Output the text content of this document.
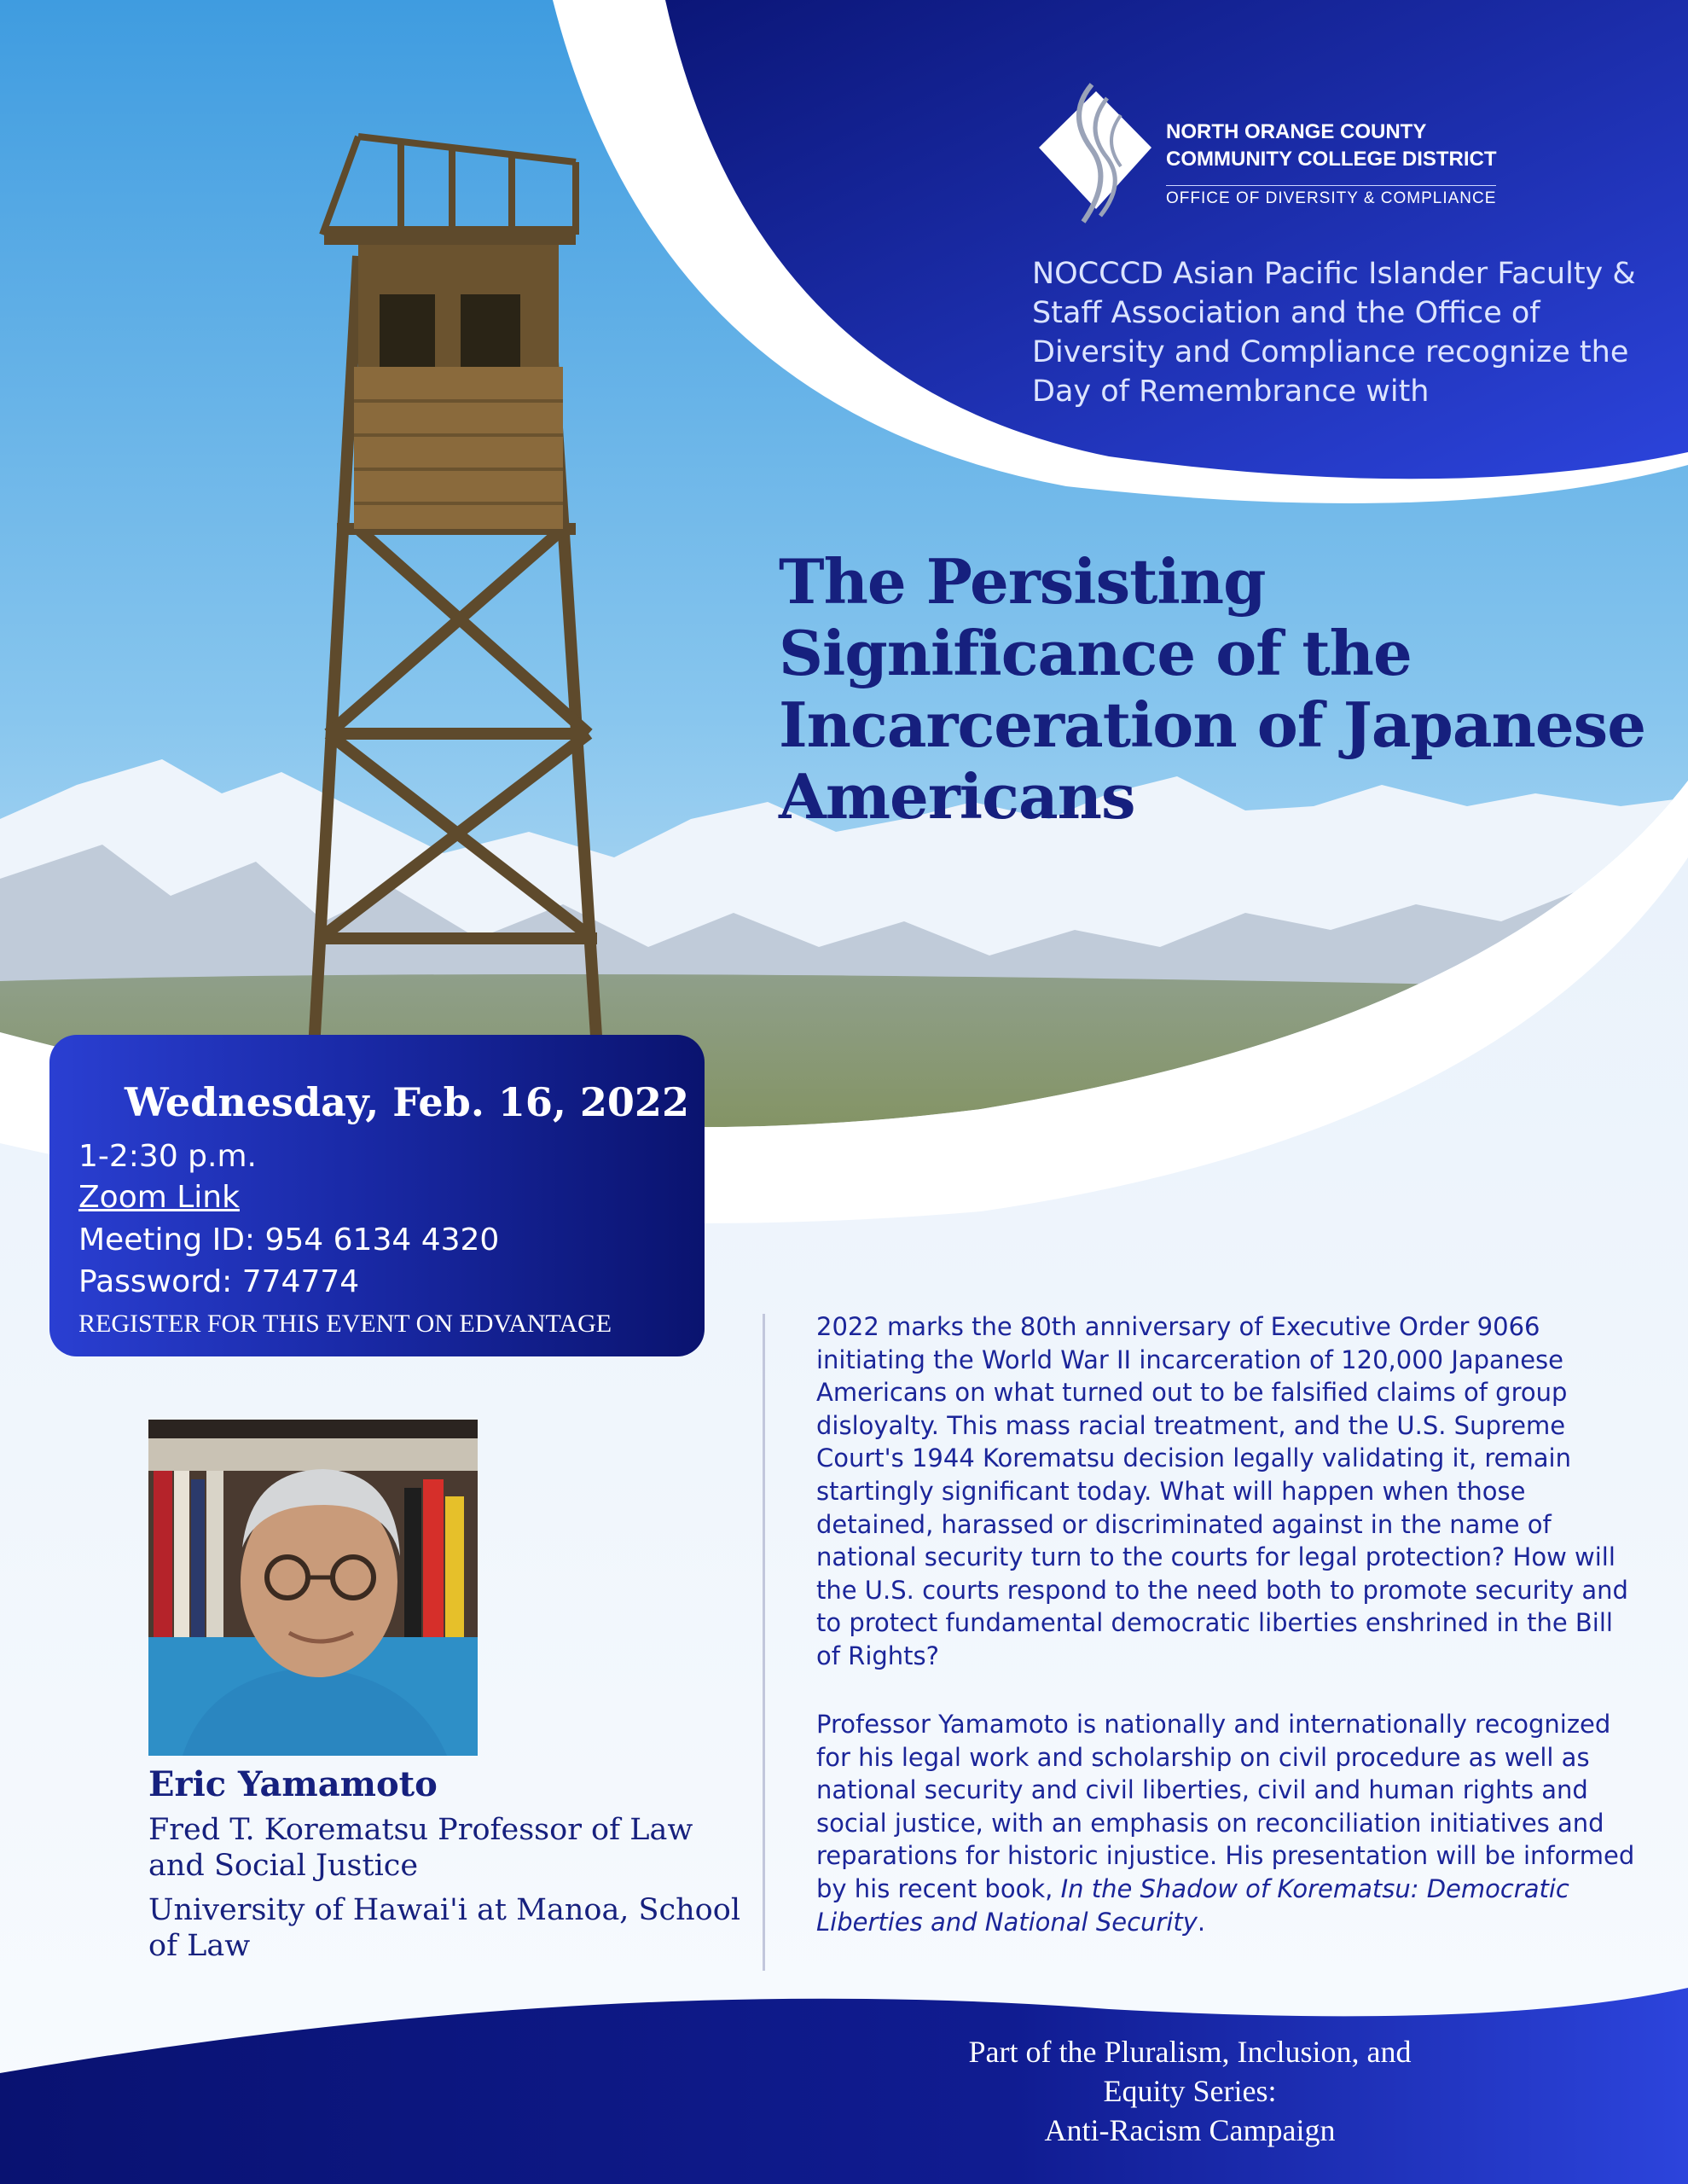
NORTH ORANGE COUNTY
COMMUNITY COLLEGE DISTRICT
OFFICE OF DIVERSITY & COMPLIANCE
NOCCCD Asian Pacific Islander Faculty & Staff Association and the Office of Diversity and Compliance recognize the Day of Remembrance with
The Persisting Significance of the Incarceration of Japanese Americans
Wednesday, Feb. 16, 2022
1-2:30 p.m.
Zoom Link
Meeting ID: 954 6134 4320
Password: 774774
REGISTER FOR THIS EVENT ON EDVANTAGE
Eric Yamamoto
Fred T. Korematsu Professor of Law and Social Justice
University of Hawai'i at Manoa, School of Law
2022 marks the 80th anniversary of Executive Order 9066 initiating the World War II incarceration of 120,000 Japanese Americans on what turned out to be falsified claims of group disloyalty. This mass racial treatment, and the U.S. Supreme Court's 1944 Korematsu decision legally validating it, remain startingly significant today. What will happen when those detained, harassed or discriminated against in the name of national security turn to the courts for legal protection? How will the U.S. courts respond to the need both to promote security and to protect fundamental democratic liberties enshrined in the Bill of Rights?
Professor Yamamoto is nationally and internationally recognized for his legal work and scholarship on civil procedure as well as national security and civil liberties, civil and human rights and social justice, with an emphasis on reconciliation initiatives and reparations for historic injustice. His presentation will be informed by his recent book, In the Shadow of Korematsu: Democratic Liberties and National Security.
Part of the Pluralism, Inclusion, and
Equity Series:
Anti-Racism Campaign
